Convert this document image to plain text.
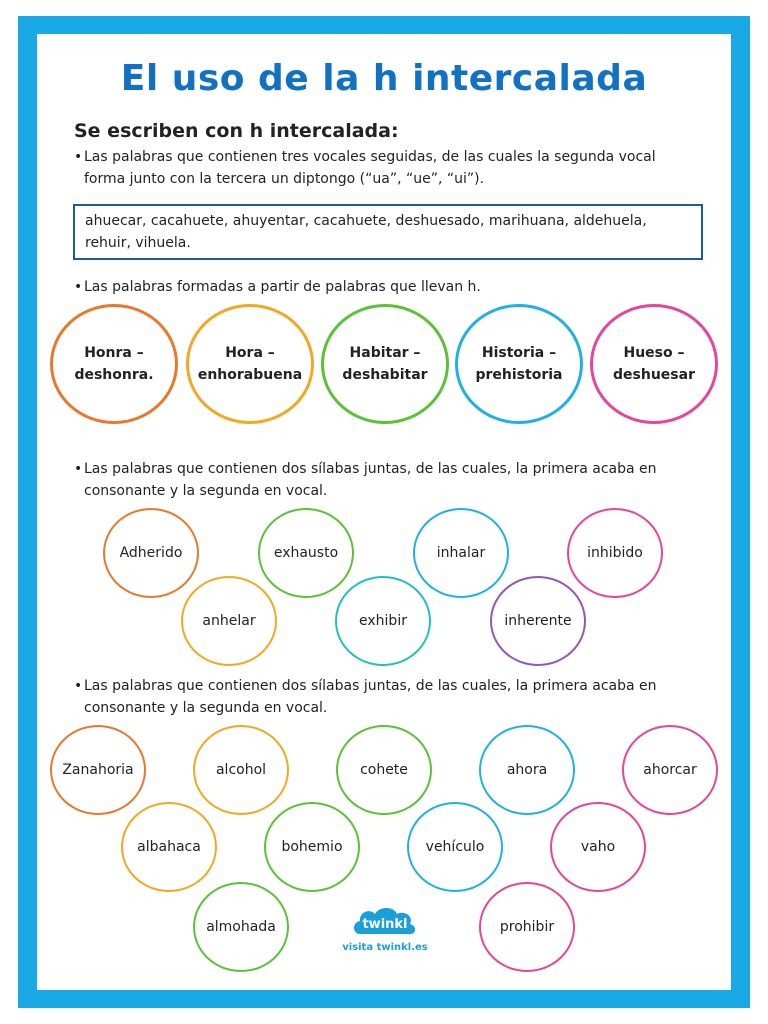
El uso de la h intercalada
Se escriben con h intercalada:
• Las palabras que contienen tres vocales seguidas, de las cuales la segunda vocal
forma junto con la tercera un diptongo (“ua”, “ue”, “ui”).
ahuecar, cacahuete, ahuyentar, cacahuete, deshuesado, marihuana, aldehuela,
rehuir, vihuela.
• Las palabras formadas a partir de palabras que llevan h.
Honra –
deshonra.
Hora –
enhorabuena
Habitar –
deshabitar
Historia –
prehistoria
Hueso –
deshuesar
• Las palabras que contienen dos sílabas juntas, de las cuales, la primera acaba en
consonante y la segunda en vocal.
Adherido	exhausto	inhalar	inhibido
anhelar	exhibir	inherente
• Las palabras que contienen dos sílabas juntas, de las cuales, la primera acaba en
consonante y la segunda en vocal.
Zanahoria	alcohol	cohete	ahora	ahorcar
albahaca	bohemio	vehículo	vaho
almohada	prohibir
twinkl
visita twinkl.es
